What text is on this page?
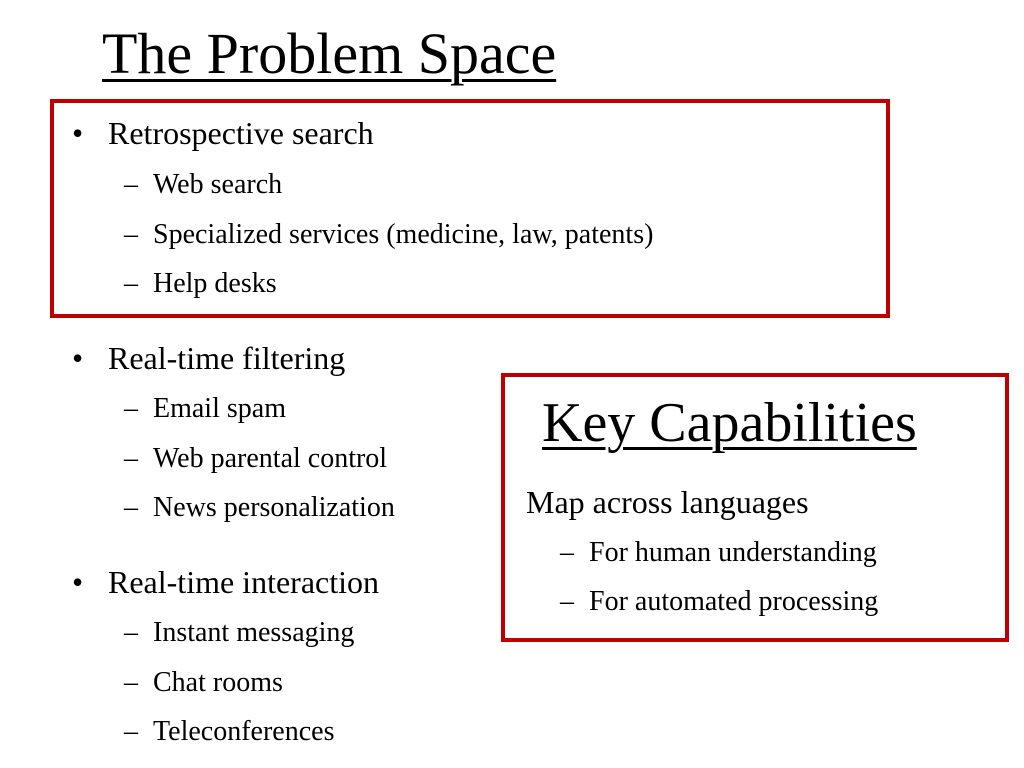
The Problem Space
• Retrospective search
– Web search
– Specialized services (medicine, law, patents)
– Help desks
• Real-time filtering
– Email spam
– Web parental control
– News personalization
• Real-time interaction
– Instant messaging
– Chat rooms
– Teleconferences
Key Capabilities
Map across languages
– For human understanding
– For automated processing
